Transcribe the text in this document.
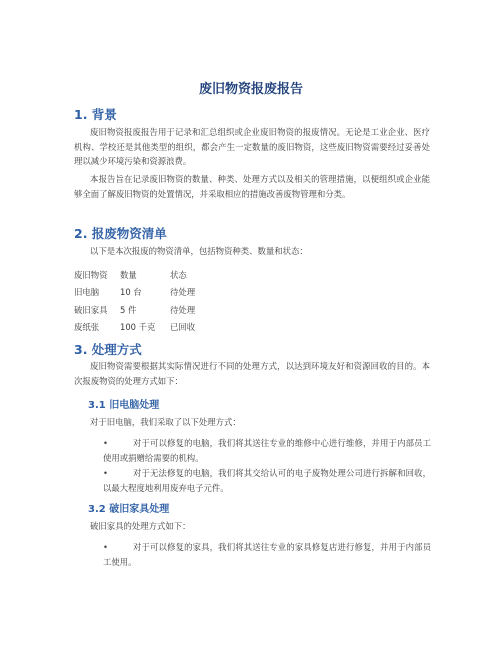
废旧物资报废报告
1. 背景
废旧物资报废报告用于记录和汇总组织或企业废旧物资的报废情况。无论是工业企业、医疗机构、学校还是其他类型的组织，都会产生一定数量的废旧物资，这些废旧物资需要经过妥善处理以减少环境污染和资源浪费。
本报告旨在记录废旧物资的数量、种类、处理方式以及相关的管理措施，以便组织或企业能够全面了解废旧物资的处置情况，并采取相应的措施改善废物管理和分类。
2. 报废物资清单
以下是本次报废的物资清单，包括物资种类、数量和状态：
废旧物资	数量	状态
旧电脑	10 台	待处理
破旧家具	5 件	待处理
废纸张	100 千克	已回收
3. 处理方式
废旧物资需要根据其实际情况进行不同的处理方式，以达到环境友好和资源回收的目的。本次报废物资的处理方式如下：
3.1 旧电脑处理
对于旧电脑，我们采取了以下处理方式：
•	对于可以修复的电脑，我们将其送往专业的维修中心进行维修，并用于内部员工使用或捐赠给需要的机构。
•	对于无法修复的电脑，我们将其交给认可的电子废物处理公司进行拆解和回收，以最大程度地利用废弃电子元件。
3.2 破旧家具处理
破旧家具的处理方式如下：
•	对于可以修复的家具，我们将其送往专业的家具修复店进行修复，并用于内部员工使用。
